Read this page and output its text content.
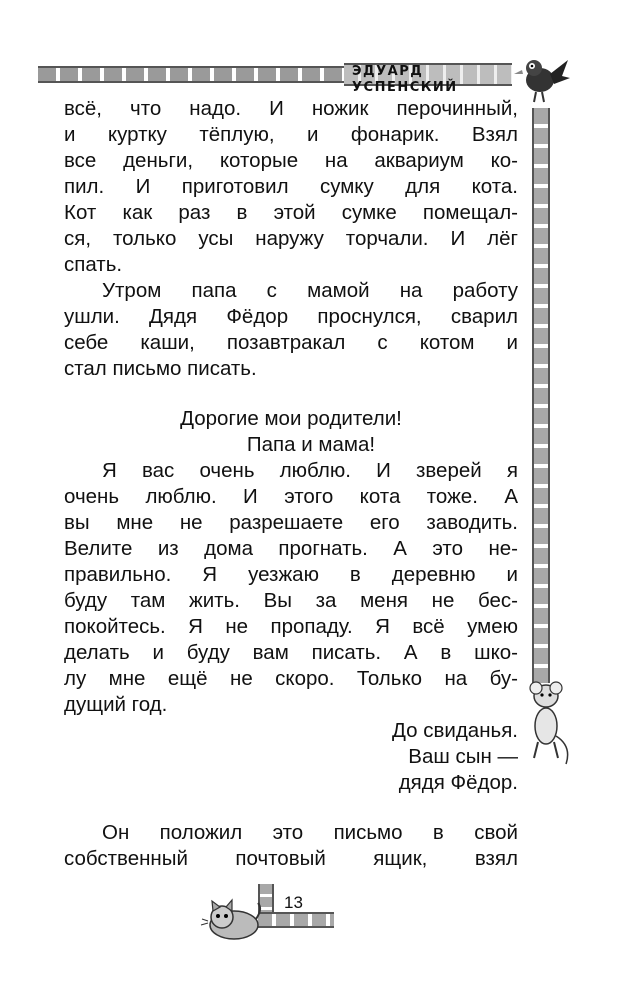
ЭДУАРД УСПЕНСКИЙ
всё, что надо. И ножик перочинный,
и куртку тёплую, и фонарик. Взял
все деньги, которые на аквариум ко-
пил. И приготовил сумку для кота.
Кот как раз в этой сумке помещал-
ся, только усы наружу торчали. И лёг
спать.
Утром папа с мамой на работу
ушли. Дядя Фёдор проснулся, сварил
себе каши, позавтракал с котом и
стал письмо писать.

Дорогие мои родители!

Папа и мама!

Я вас очень люблю. И зверей я
очень люблю. И этого кота тоже. А
вы мне не разрешаете его заводить.
Велите из дома прогнать. А это не-
правильно. Я уезжаю в деревню и
буду там жить. Вы за меня не бес-
покойтесь. Я не пропаду. Я всё умею
делать и буду вам писать. А в шко-
лу мне ещё не скоро. Только на бу-
дущий год.

До свиданья.

Ваш сын —

дядя Фёдор.

Он положил это письмо в свой
собственный почтовый ящик, взял
13
